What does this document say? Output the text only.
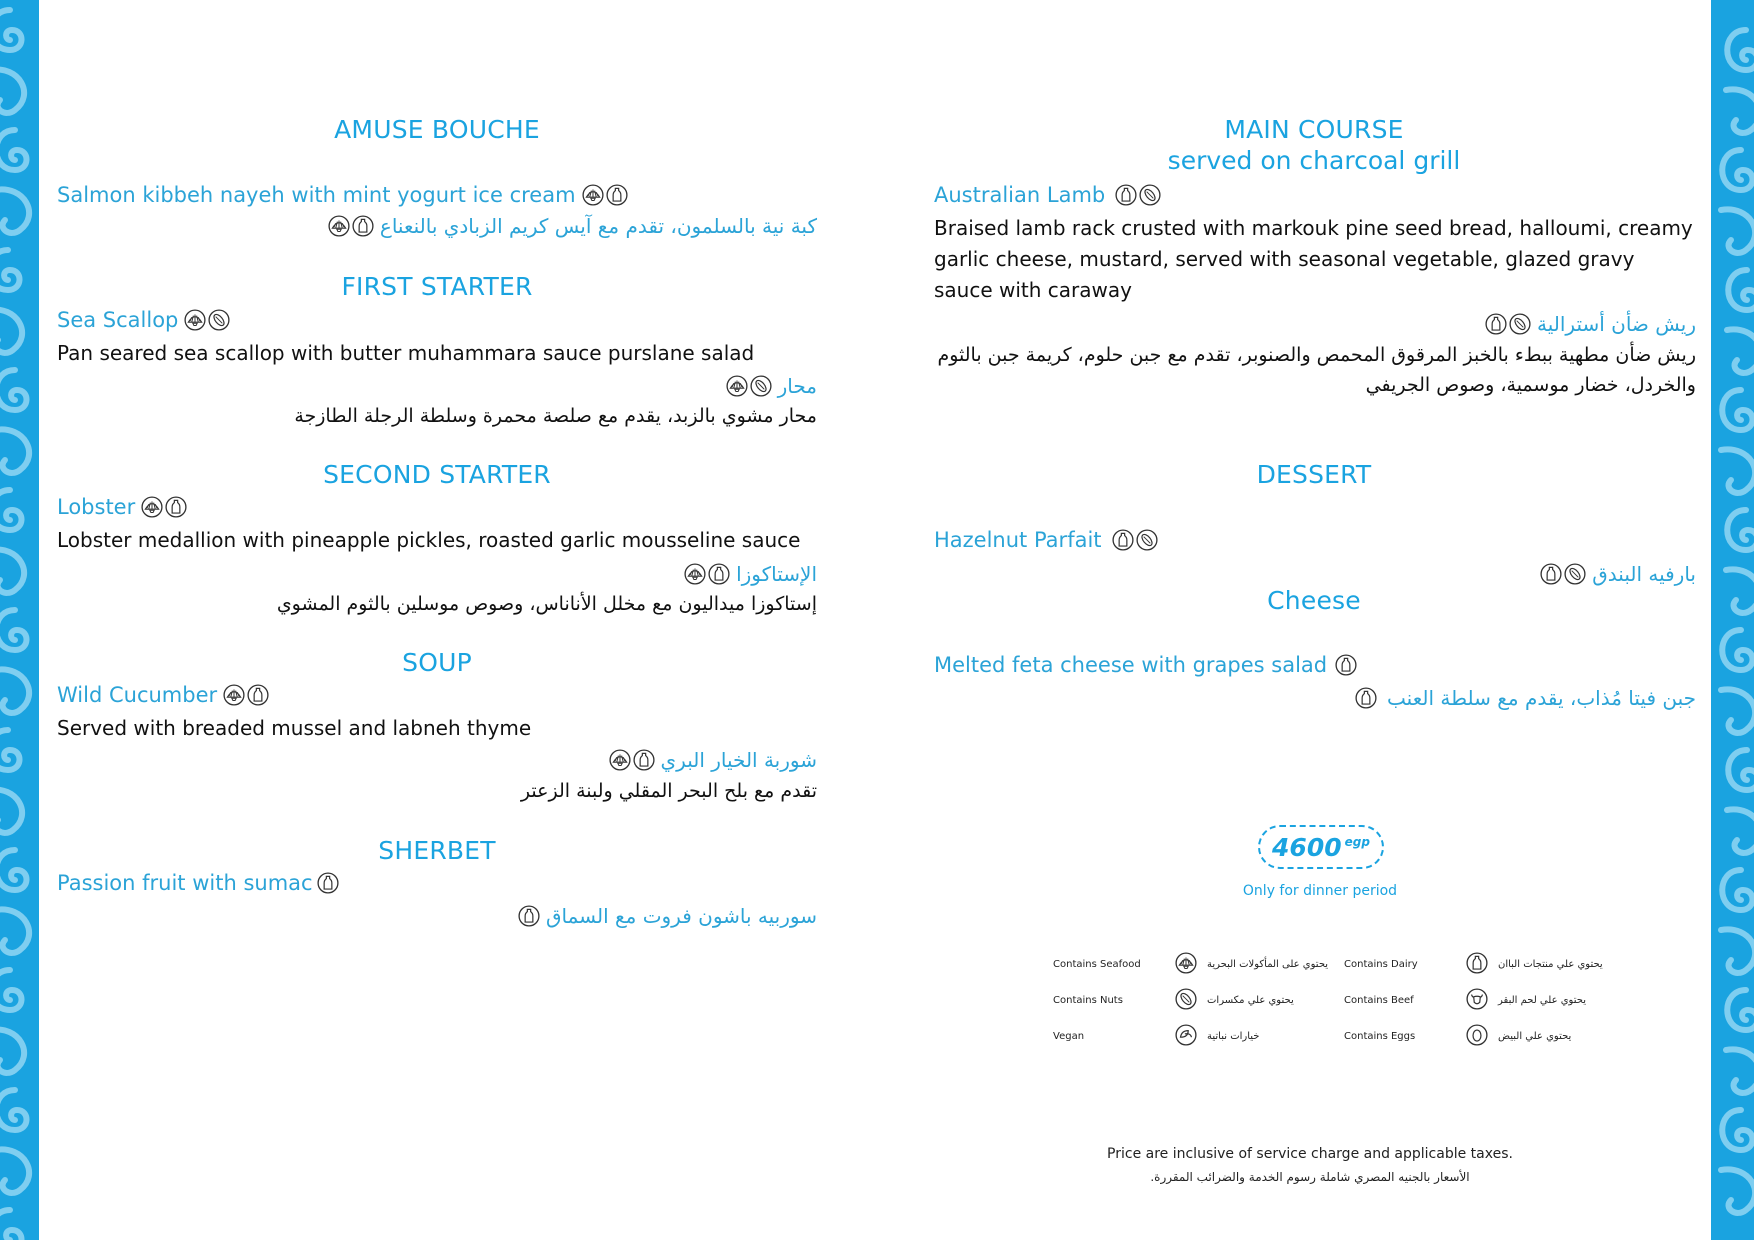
AMUSE BOUCHE
Salmon kibbeh nayeh with mint yogurt ice cream
كبة نية بالسلمون، تقدم مع آيس كريم الزبادي بالنعناع
FIRST STARTER
Sea Scallop
Pan seared sea scallop with butter muhammara sauce purslane salad
محار
محار مشوي بالزبد، يقدم مع صلصة محمرة وسلطة الرجلة الطازجة
SECOND STARTER
Lobster
Lobster medallion with pineapple pickles, roasted garlic mousseline sauce
الإستاكوزا
إستاكوزا ميداليون مع مخلل الأناناس، وصوص موسلين بالثوم المشوي
SOUP
Wild Cucumber
Served with breaded mussel and labneh thyme
شوربة الخيار البري
تقدم مع بلح البحر المقلي ولبنة الزعتر
SHERBET
Passion fruit with sumac
سوربيه باشون فروت مع السماق
MAIN COURSE
served on charcoal grill
Australian Lamb
Braised lamb rack crusted with markouk pine seed bread, halloumi, creamy garlic cheese, mustard, served with seasonal vegetable, glazed gravy sauce with caraway
ريش ضأن أسترالية
ريش ضأن مطهية ببطء بالخبز المرقوق المحمص والصنوبر، تقدم مع جبن حلوم، كريمة جبن بالثوم والخردل، خضار موسمية، وصوص الجريفي
DESSERT
Hazelnut Parfait
بارفيه البندق
Cheese
Melted feta cheese with grapes salad
جبن فيتا مُذاب، يقدم مع سلطة العنب
4600 egp
Only for dinner period
Contains Seafood		يحتوي على المأكولات البحرية		Contains Dairy		يحتوي علي منتجات الباان
Contains Nuts		يحتوي علي مكسرات		Contains Beef		يحتوي علي لحم البقر
Vegan		خيارات نباتية		Contains Eggs		يحتوي علي البيض
Price are inclusive of service charge and applicable taxes.
الأسعار بالجنيه المصري شاملة رسوم الخدمة والضرائب المقررة.
